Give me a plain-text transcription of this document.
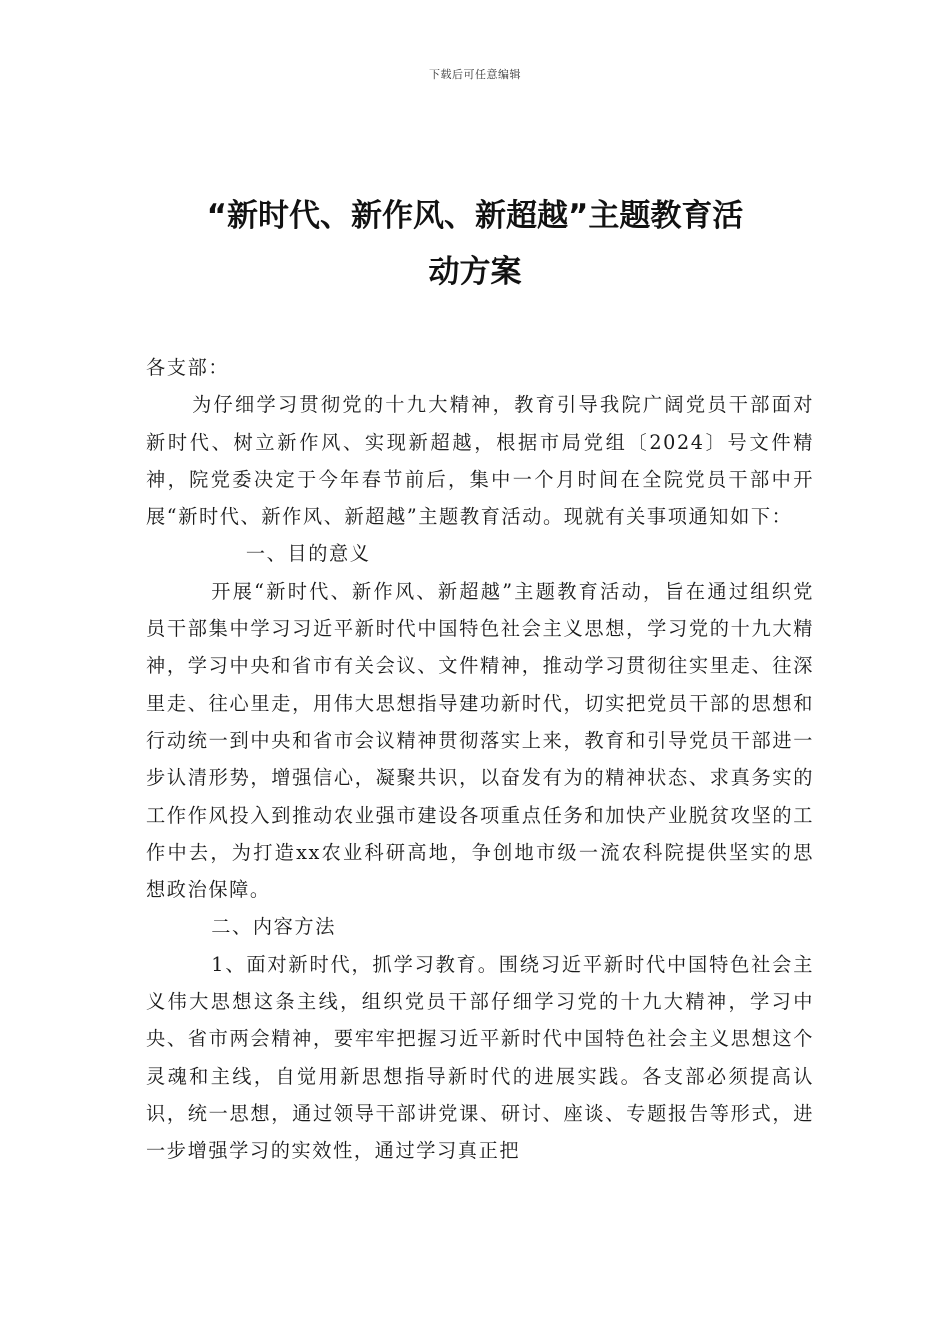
下载后可任意编辑
“新时代、新作风、新超越”主题教育活
动方案

各支部：

为仔细学习贯彻党的十九大精神，教育引导我院广阔党员干部面对新时代、树立新作风、实现新超越，根据市局党组〔2024〕号文件精神，院党委决定于今年春节前后，集中一个月时间在全院党员干部中开展“新时代、新作风、新超越”主题教育活动。现就有关事项通知如下：

一、目的意义

开展“新时代、新作风、新超越”主题教育活动，旨在通过组织党员干部集中学习习近平新时代中国特色社会主义思想，学习党的十九大精神，学习中央和省市有关会议、文件精神，推动学习贯彻往实里走、往深里走、往心里走，用伟大思想指导建功新时代，切实把党员干部的思想和行动统一到中央和省市会议精神贯彻落实上来，教育和引导党员干部进一步认清形势，增强信心，凝聚共识，以奋发有为的精神状态、求真务实的工作作风投入到推动农业强市建设各项重点任务和加快产业脱贫攻坚的工作中去，为打造xx农业科研高地，争创地市级一流农科院提供坚实的思想政治保障。

二、内容方法

1、面对新时代，抓学习教育。围绕习近平新时代中国特色社会主义伟大思想这条主线，组织党员干部仔细学习党的十九大精神，学习中央、省市两会精神，要牢牢把握习近平新时代中国特色社会主义思想这个灵魂和主线，自觉用新思想指导新时代的进展实践。各支部必须提高认识，统一思想，通过领导干部讲党课、研讨、座谈、专题报告等形式，进一步增强学习的实效性，通过学习真正把
